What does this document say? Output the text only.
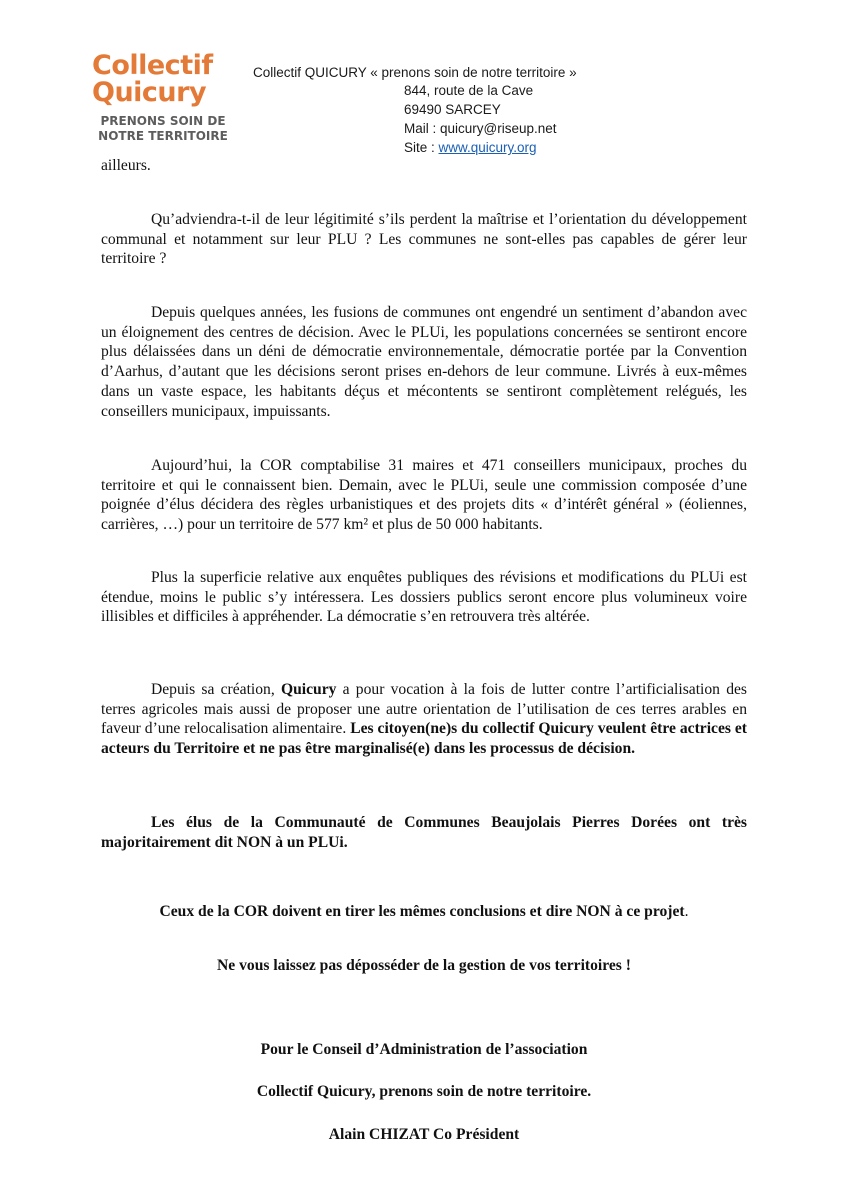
Collectif
Quicury
PRENONS SOIN DE
NOTRE TERRITOIRE
Collectif QUICURY « prenons soin de notre territoire »
844, route de la Cave
69490 SARCEY
Mail : quicury@riseup.net
Site : www.quicury.org

ailleurs.

Qu’adviendra-t-il de leur légitimité s’ils perdent la maîtrise et l’orientation du développement communal et notamment sur leur PLU ? Les communes ne sont-elles pas capables de gérer leur territoire ?

Depuis quelques années, les fusions de communes ont engendré un sentiment d’abandon avec un éloignement des centres de décision. Avec le PLUi, les populations concernées se sentiront encore plus délaissées dans un déni de démocratie environnementale, démocratie portée par la Convention d’Aarhus, d’autant que les décisions seront prises en-dehors de leur commune. Livrés à eux-mêmes dans un vaste espace, les habitants déçus et mécontents se sentiront complètement relégués, les conseillers municipaux, impuissants.

Aujourd’hui, la COR comptabilise 31 maires et 471 conseillers municipaux, proches du territoire et qui le connaissent bien. Demain, avec le PLUi, seule une commission composée d’une poignée d’élus décidera des règles urbanistiques et des projets dits « d’intérêt général » (éoliennes, carrières, …) pour un territoire de 577 km² et plus de 50 000 habitants.

Plus la superficie relative aux enquêtes publiques des révisions et modifications du PLUi est étendue, moins le public s’y intéressera. Les dossiers publics seront encore plus volumineux voire illisibles et difficiles à appréhender. La démocratie s’en retrouvera très altérée.

Depuis sa création, Quicury a pour vocation à la fois de lutter contre l’artificialisation des terres agricoles mais aussi de proposer une autre orientation de l’utilisation de ces terres arables en faveur d’une relocalisation alimentaire. Les citoyen(ne)s du collectif Quicury veulent être actrices et acteurs du Territoire et ne pas être marginalisé(e) dans les processus de décision.

Les élus de la Communauté de Communes Beaujolais Pierres Dorées ont très majoritairement dit NON à un PLUi.

Ceux de la COR doivent en tirer les mêmes conclusions et dire NON à ce projet.

Ne vous laissez pas déposséder de la gestion de vos territoires !

Pour le Conseil d’Administration de l’association

Collectif Quicury, prenons soin de notre territoire.

Alain CHIZAT Co Président
